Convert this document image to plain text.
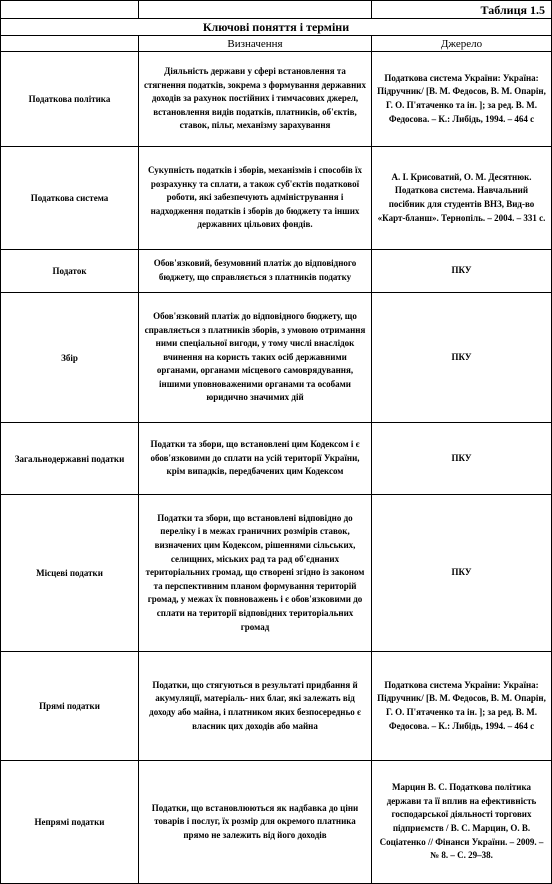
		Таблиця 1.5
Ключові поняття і терміни		
	Визначення	Джерело
Податкова політика	Діяльність держави у сфері встановлення та стягнення податків, зокрема з формування державних доходів за рахунок постійних і тимчасових джерел, встановлення видів податків, платників, об'єктів, ставок, пільг, механізму зарахування	Податкова система України: Україна: Підручник/ [В. М. Федосов, В. М. Опарін, Г. О. П'ятаченко та ін. ]; за ред. В. М. Федосова. – К.: Либідь, 1994. – 464 с
Податкова система	Сукупність податків і зборів, механізмів і способів їх розрахунку та сплати, а також суб'єктів податкової роботи, які забезпечують адміністрування і надходження податків і зборів до бюджету та інших державних цільових фондів.	А. І. Крисоватий, О. М. Десятнюк. Податкова система. Навчальний посібник для студентів ВНЗ, Вид-во «Карт-бланш». Тернопіль. – 2004. – 331 с.
Податок	Обов'язковий, безумовний платіж до відповідного бюджету, що справляється з платників податку	ПКУ
Збір	Обов'язковий платіж до відповідного бюджету, що справляється з платників зборів, з умовою отримання ними спеціальної вигоди, у тому числі внаслідок вчинення на користь таких осіб державними органами, органами місцевого самоврядування, іншими уповноваженими органами та особами юридично значимих дій	ПКУ
Загальнодержавні податки	Податки та збори, що встановлені цим Кодексом і є обов'язковими до сплати на усій території України, крім випадків, передбачених цим Кодексом	ПКУ
Місцеві податки	Податки та збори, що встановлені відповідно до переліку і в межах граничних розмірів ставок, визначених цим Кодексом, рішеннями сільських, селищних, міських рад та рад об'єднаних територіальних громад, що створені згідно із законом та перспективним планом формування територій громад, у межах їх повноважень і є обов'язковими до сплати на території відповідних територіальних громад	ПКУ
Прямі податки	Податки, що стягуються в результаті придбання й акумуляції, матеріаль- них благ, які залежать від доходу або майна, і платником яких безпосередньо є власник цих доходів або майна	Податкова система України: Україна: Підручник/ [В. М. Федосов, В. М. Опарін, Г. О. П'ятаченко та ін. ]; за ред. В. М. Федосова. – К.: Либідь, 1994. – 464 с
Непрямі податки	Податки, що встановлюються як надбавка до ціни товарів і послуг, їх розмір для окремого платника прямо не залежить від його доходів	Марцин В. С. Податкова політика держави та її вплив на ефективність господарської діяльності торгових підприємств / В. С. Марцин, О. В. Соціатенко // Фінанси України. – 2009. – № 8. – С. 29–38.
